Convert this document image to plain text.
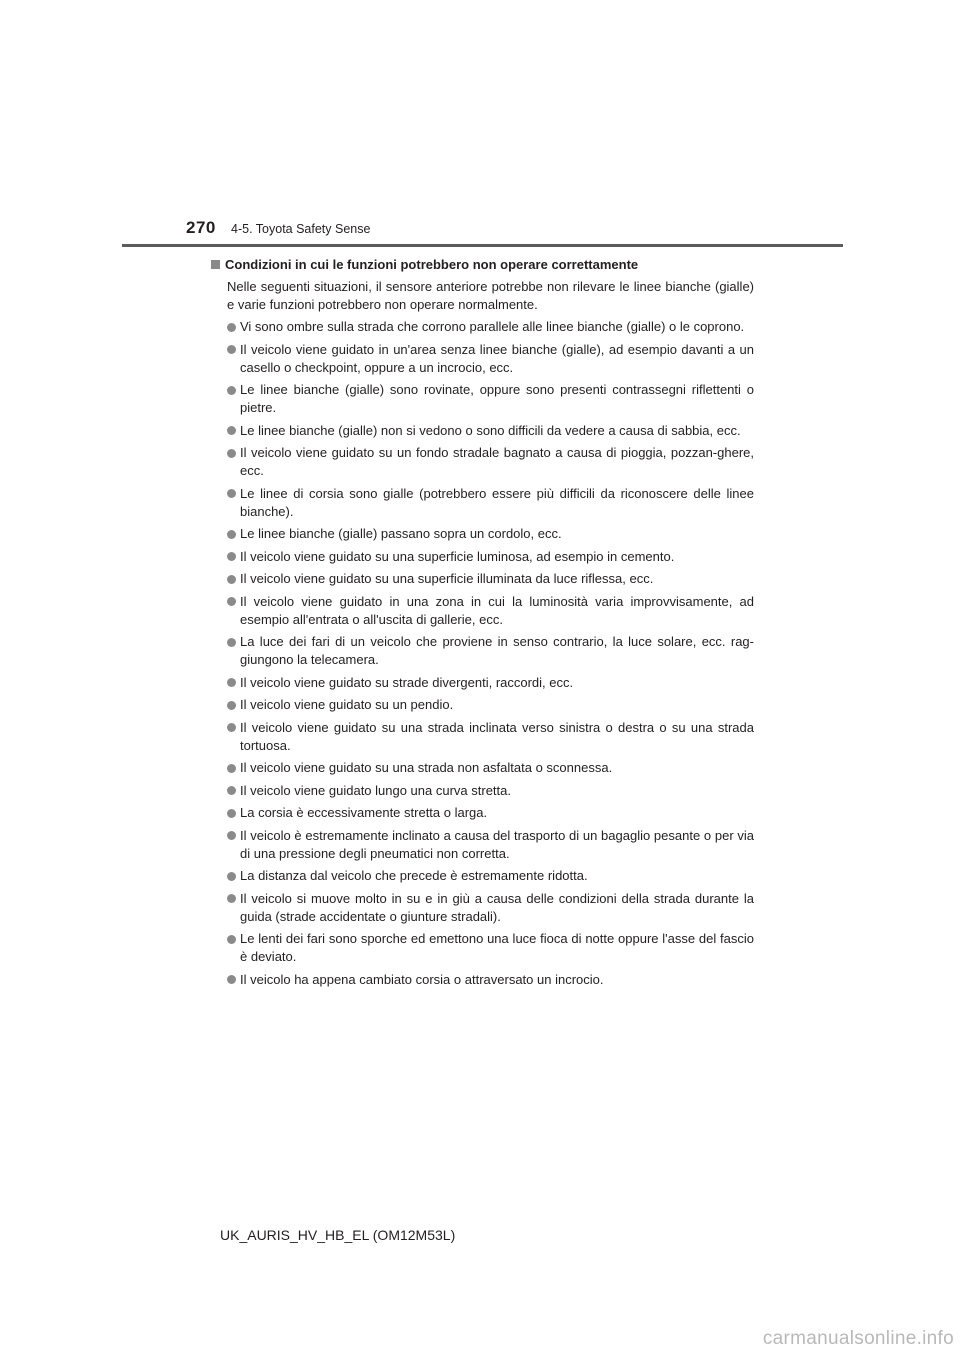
270 4-5. Toyota Safety Sense
Condizioni in cui le funzioni potrebbero non operare correttamente
Nelle seguenti situazioni, il sensore anteriore potrebbe non rilevare le linee bianche (gialle) e varie funzioni potrebbero non operare normalmente.
Vi sono ombre sulla strada che corrono parallele alle linee bianche (gialle) o le coprono.
Il veicolo viene guidato in un'area senza linee bianche (gialle), ad esempio davanti a un casello o checkpoint, oppure a un incrocio, ecc.
Le linee bianche (gialle) sono rovinate, oppure sono presenti contrassegni riflettenti o pietre.
Le linee bianche (gialle) non si vedono o sono difficili da vedere a causa di sabbia, ecc.
Il veicolo viene guidato su un fondo stradale bagnato a causa di pioggia, pozzan-ghere, ecc.
Le linee di corsia sono gialle (potrebbero essere più difficili da riconoscere delle linee bianche).
Le linee bianche (gialle) passano sopra un cordolo, ecc.
Il veicolo viene guidato su una superficie luminosa, ad esempio in cemento.
Il veicolo viene guidato su una superficie illuminata da luce riflessa, ecc.
Il veicolo viene guidato in una zona in cui la luminosità varia improvvisamente, ad esempio all'entrata o all'uscita di gallerie, ecc.
La luce dei fari di un veicolo che proviene in senso contrario, la luce solare, ecc. rag-giungono la telecamera.
Il veicolo viene guidato su strade divergenti, raccordi, ecc.
Il veicolo viene guidato su un pendio.
Il veicolo viene guidato su una strada inclinata verso sinistra o destra o su una strada tortuosa.
Il veicolo viene guidato su una strada non asfaltata o sconnessa.
Il veicolo viene guidato lungo una curva stretta.
La corsia è eccessivamente stretta o larga.
Il veicolo è estremamente inclinato a causa del trasporto di un bagaglio pesante o per via di una pressione degli pneumatici non corretta.
La distanza dal veicolo che precede è estremamente ridotta.
Il veicolo si muove molto in su e in giù a causa delle condizioni della strada durante la guida (strade accidentate o giunture stradali).
Le lenti dei fari sono sporche ed emettono una luce fioca di notte oppure l'asse del fascio è deviato.
Il veicolo ha appena cambiato corsia o attraversato un incrocio.
UK_AURIS_HV_HB_EL (OM12M53L)
carmanualsonline.info
